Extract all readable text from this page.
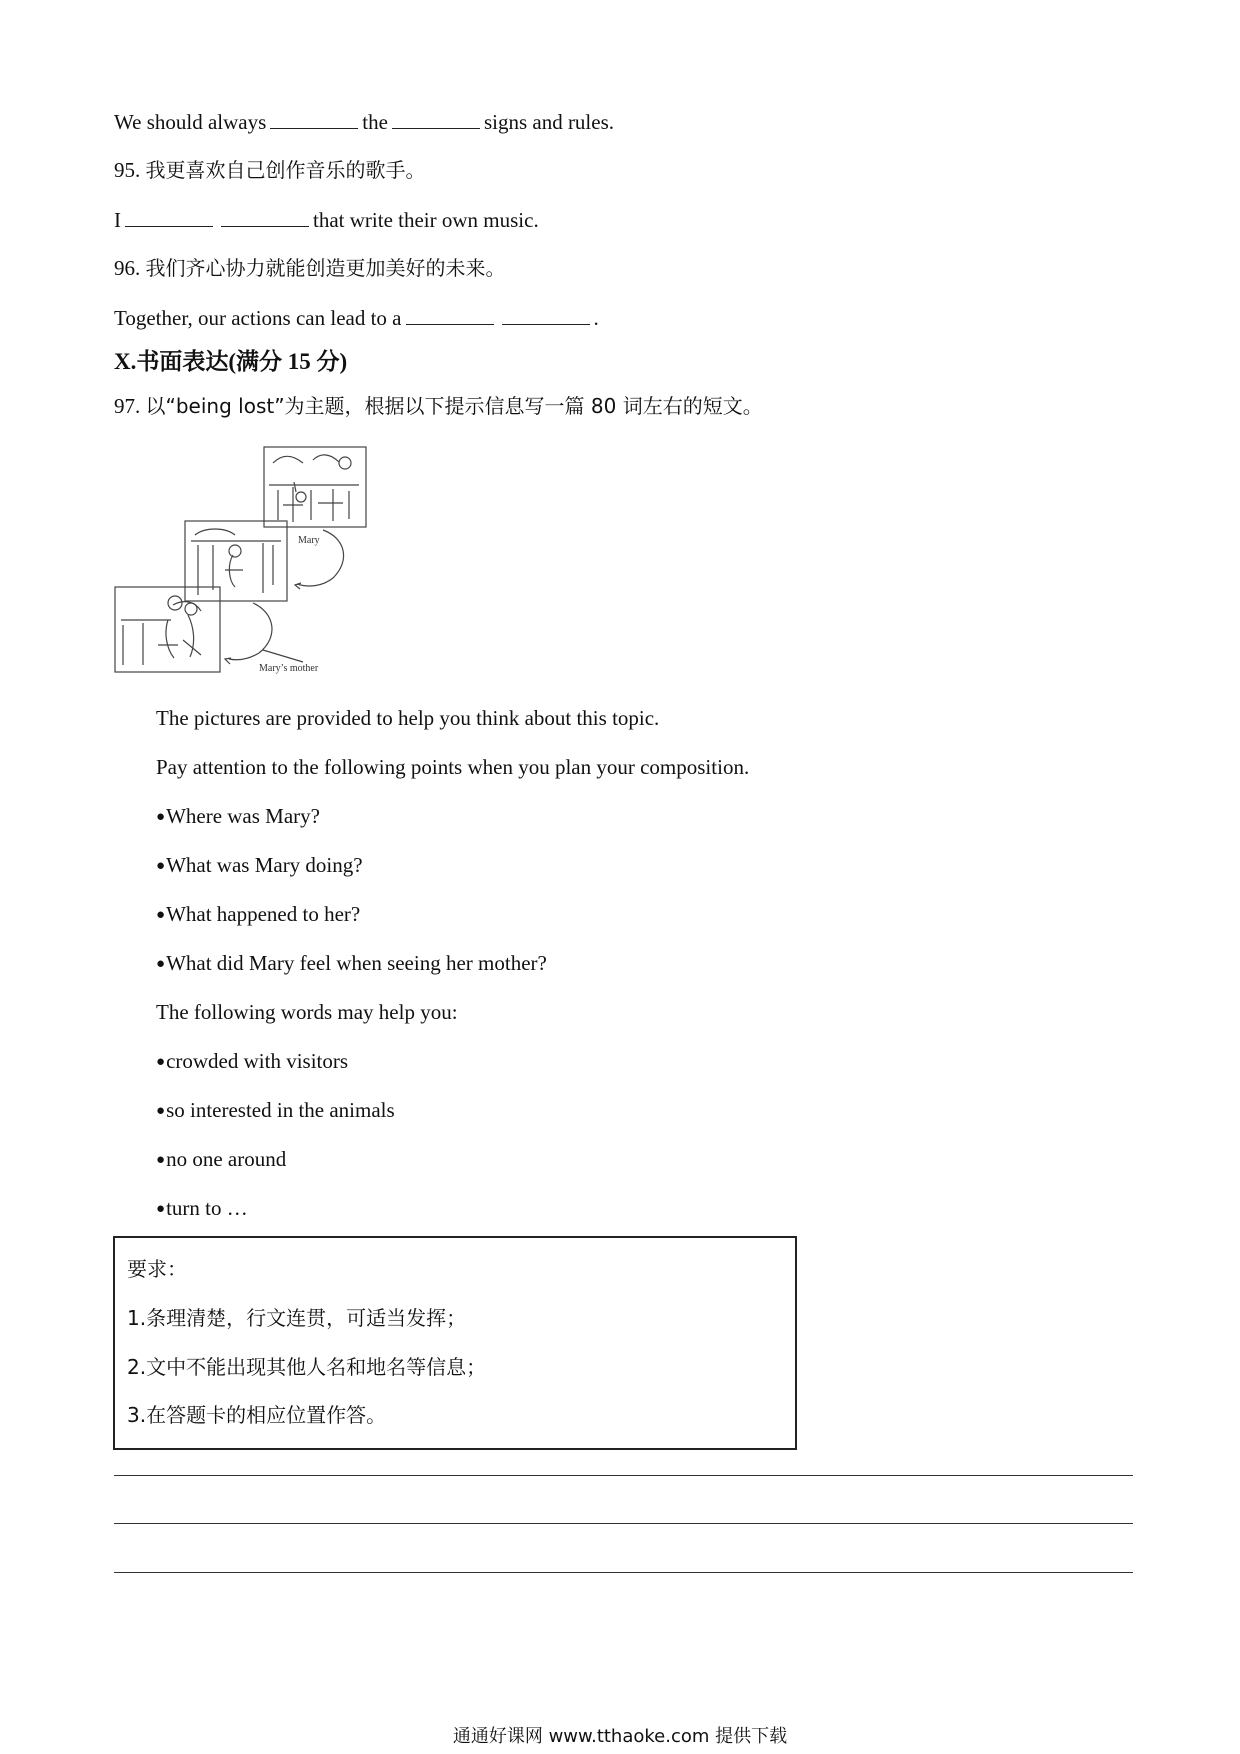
We should always	the	signs and rules.
95. 我更喜欢自己创作音乐的歌手。
I	that write their own music.
96. 我们齐心协力就能创造更加美好的未来。
Together, our actions can lead to a	.
X.书面表达(满分 15 分)
97. 以“being lost”为主题，根据以下提示信息写一篇 80 词左右的短文。
Mary
Mary’s mother
The pictures are provided to help you think about this topic.
Pay attention to the following points when you plan your composition.
● Where was Mary?
● What was Mary doing?
● What happened to her?
● What did Mary feel when seeing her mother?
The following words may help you:
● crowded with visitors
● so interested in the animals
● no one around
● turn to …
要求：
1.条理清楚，行文连贯，可适当发挥；
2.文中不能出现其他人名和地名等信息；
3.在答题卡的相应位置作答。
通通好课网 www.tthaoke.com 提供下载
